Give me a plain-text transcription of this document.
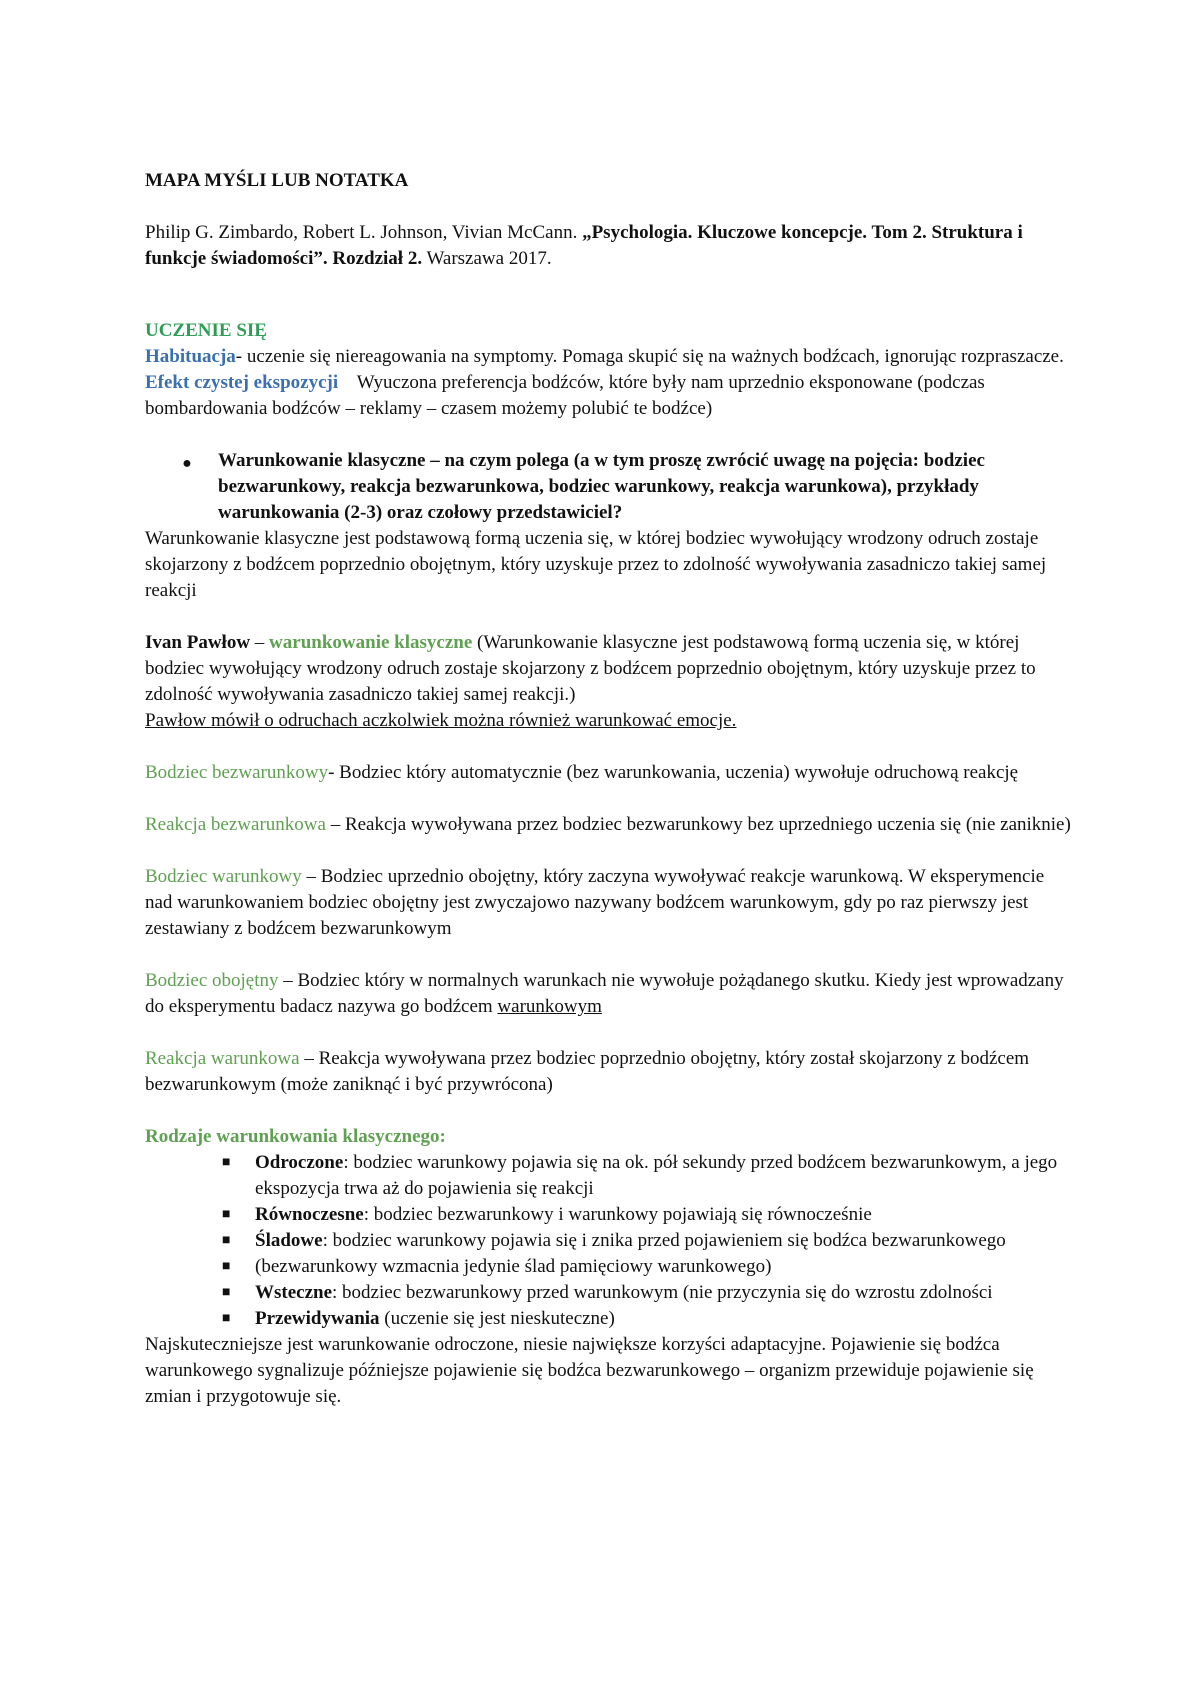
MAPA MYŚLI LUB NOTATKA

Philip G. Zimbardo, Robert L. Johnson, Vivian McCann. „Psychologia. Kluczowe koncepcje. Tom 2. Struktura i funkcje świadomości”. Rozdział 2. Warszawa 2017.

UCZENIE SIĘ

Habituacja- uczenie się niereagowania na symptomy. Pomaga skupić się na ważnych bodźcach, ignorując rozpraszacze.

Efekt czystej ekspozycji    Wyuczona preferencja bodźców, które były nam uprzednio eksponowane (podczas bombardowania bodźców – reklamy – czasem możemy polubić te bodźce)

● Warunkowanie klasyczne – na czym polega (a w tym proszę zwrócić uwagę na pojęcia: bodziec bezwarunkowy, reakcja bezwarunkowa, bodziec warunkowy, reakcja warunkowa), przykłady warunkowania (2-3) oraz czołowy przedstawiciel?

Warunkowanie klasyczne jest podstawową formą uczenia się, w której bodziec wywołujący wrodzony odruch zostaje skojarzony z bodźcem poprzednio obojętnym, który uzyskuje przez to zdolność wywoływania zasadniczo takiej samej reakcji

Ivan Pawłow – warunkowanie klasyczne (Warunkowanie klasyczne jest podstawową formą uczenia się, w której bodziec wywołujący wrodzony odruch zostaje skojarzony z bodźcem poprzednio obojętnym, który uzyskuje przez to zdolność wywoływania zasadniczo takiej samej reakcji.)

Pawłow mówił o odruchach aczkolwiek można również warunkować emocje.

Bodziec bezwarunkowy- Bodziec który automatycznie (bez warunkowania, uczenia) wywołuje odruchową reakcję

Reakcja bezwarunkowa – Reakcja wywoływana przez bodziec bezwarunkowy bez uprzedniego uczenia się (nie zaniknie)

Bodziec warunkowy – Bodziec uprzednio obojętny, który zaczyna wywoływać reakcje warunkową. W eksperymencie nad warunkowaniem bodziec obojętny jest zwyczajowo nazywany bodźcem warunkowym, gdy po raz pierwszy jest zestawiany z bodźcem bezwarunkowym

Bodziec obojętny – Bodziec który w normalnych warunkach nie wywołuje pożądanego skutku. Kiedy jest wprowadzany do eksperymentu badacz nazywa go bodźcem warunkowym

Reakcja warunkowa – Reakcja wywoływana przez bodziec poprzednio obojętny, który został skojarzony z bodźcem bezwarunkowym (może zaniknąć i być przywrócona)

Rodzaje warunkowania klasycznego:

■ Odroczone: bodziec warunkowy pojawia się na ok. pół sekundy przed bodźcem bezwarunkowym, a jego ekspozycja trwa aż do pojawienia się reakcji
■ Równoczesne: bodziec bezwarunkowy i warunkowy pojawiają się równocześnie
■ Śladowe: bodziec warunkowy pojawia się i znika przed pojawieniem się bodźca bezwarunkowego
■ (bezwarunkowy wzmacnia jedynie ślad pamięciowy warunkowego)
■ Wsteczne: bodziec bezwarunkowy przed warunkowym (nie przyczynia się do wzrostu zdolności
■ Przewidywania (uczenie się jest nieskuteczne)

Najskuteczniejsze jest warunkowanie odroczone, niesie największe korzyści adaptacyjne. Pojawienie się bodźca warunkowego sygnalizuje późniejsze pojawienie się bodźca bezwarunkowego – organizm przewiduje pojawienie się zmian i przygotowuje się.
